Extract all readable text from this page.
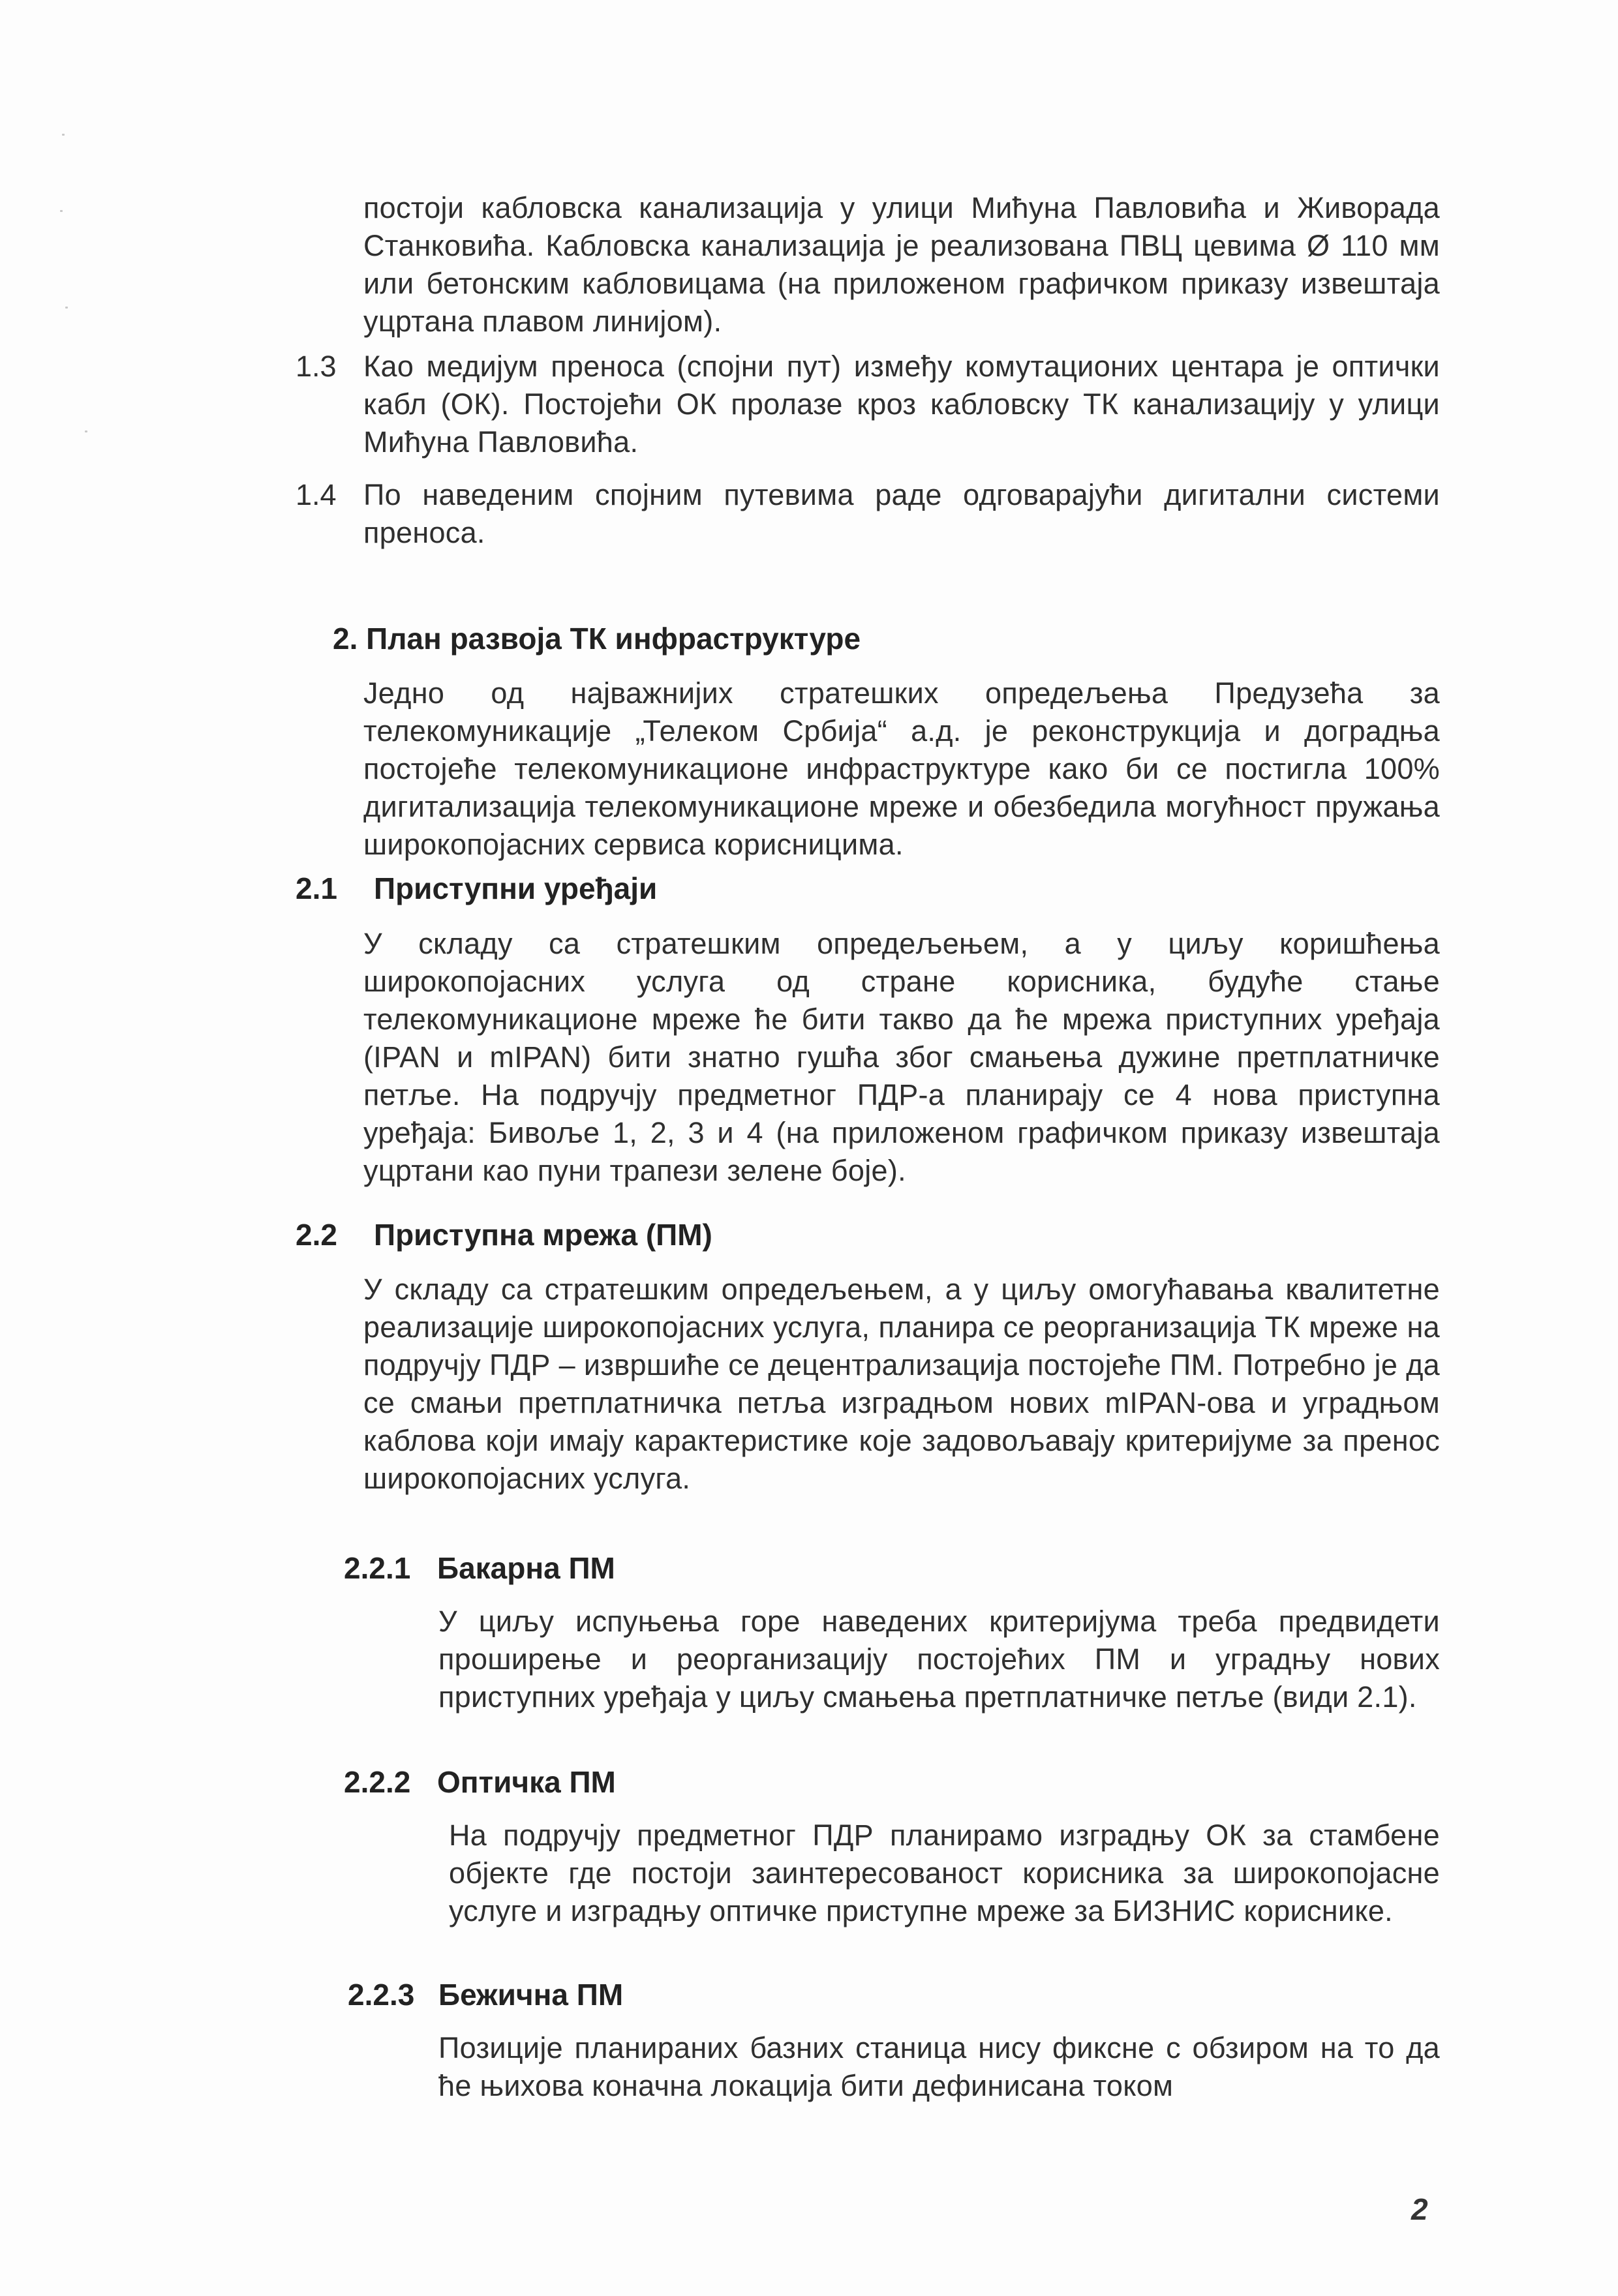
постоји кабловска канализација у улици Мићуна Павловића и Живорада Станковића. Кабловска канализација је реализована ПВЦ цевима Ø 110 мм или бетонским кабловицама (на приложеном графичком приказу извештаја уцртана плавом линијом).
1.3 Као медијум преноса (спојни пут) између комутационих центара је оптички кабл (ОК). Постојећи ОК пролазе кроз кабловску ТК канализацију у улици Мићуна Павловића.
1.4 По наведеним спојним путевима раде одговарајући дигитални системи преноса.
2. План развоја ТК инфраструктуре
Једно од најважнијих стратешких опредељења Предузећа за телекомуникације „Телеком Србија“ а.д. је реконструкција и доградња постојеће телекомуникационе инфраструктуре како би се постигла 100% дигитализација телекомуникационе мреже и обезбедила могућност пружања широкопојасних сервиса корисницима.
2.1 Приступни уређаји
У складу са стратешким опредељењем, а у циљу коришћења широкопојасних услуга од стране корисника, будуће стање телекомуникационе мреже ће бити такво да ће мрежа приступних уређаја (IPAN и mIPAN) бити знатно гушћа због смањења дужине претплатничке петље. На подручју предметног ПДР-а планирају се 4 нова приступна уређаја: Бивоље 1, 2, 3 и 4 (на приложеном графичком приказу извештаја уцртани као пуни трапези зелене боје).
2.2 Приступна мрежа (ПМ)
У складу са стратешким опредељењем, а у циљу омогућавања квалитетне реализације широкопојасних услуга, планира се реорганизација ТК мреже на подручју ПДР – извршиће се децентрализација постојеће ПМ. Потребно је да се смањи претплатничка петља изградњом нових mIPAN-ова и уградњом каблова који имају карактеристике које задовољавају критеријуме за пренос широкопојасних услуга.
2.2.1 Бакарна ПМ
У циљу испуњења горе наведених критеријума треба предвидети проширење и реорганизацију постојећих ПМ и уградњу нових приступних уређаја у циљу смањења претплатничке петље (види 2.1).
2.2.2 Оптичка ПМ
На подручју предметног ПДР планирамо изградњу ОК за стамбене објекте где постоји заинтересованост корисника за широкопојасне услуге и изградњу оптичке приступне мреже за БИЗНИС кориснике.
2.2.3 Бежична ПМ
Позиције планираних базних станица нису фиксне с обзиром на то да ће њихова коначна локација бити дефинисана током
2
